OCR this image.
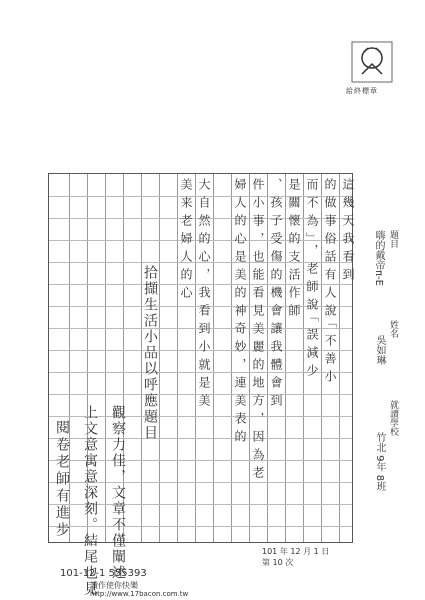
給終標章
題目
嗨的戴帝π-E
姓名
吳如琳
就讀學校
竹北 9年 8班
這幾天我看到
的做事俗話有人說｢不善小
而不為｣，老師說｢誤減少
是關懷的支活作師
、孩子受傷的機會讓我體會到
件小事，也能看見美麗的地方，因為老
婦人的心是美的神奇妙，連美表的
大自然的心，我看到小就是美
美来老婦人的心
拾擷生活小品以呼應題目
觀察力佳，文章不僅闡述
上文意寓意深刻。結尾也見
閱卷老師有進步
101 年 12 月 1 日
第 10 次
101-12-1 555393
讀作使你快樂
http://www.17bacon.com.tw
